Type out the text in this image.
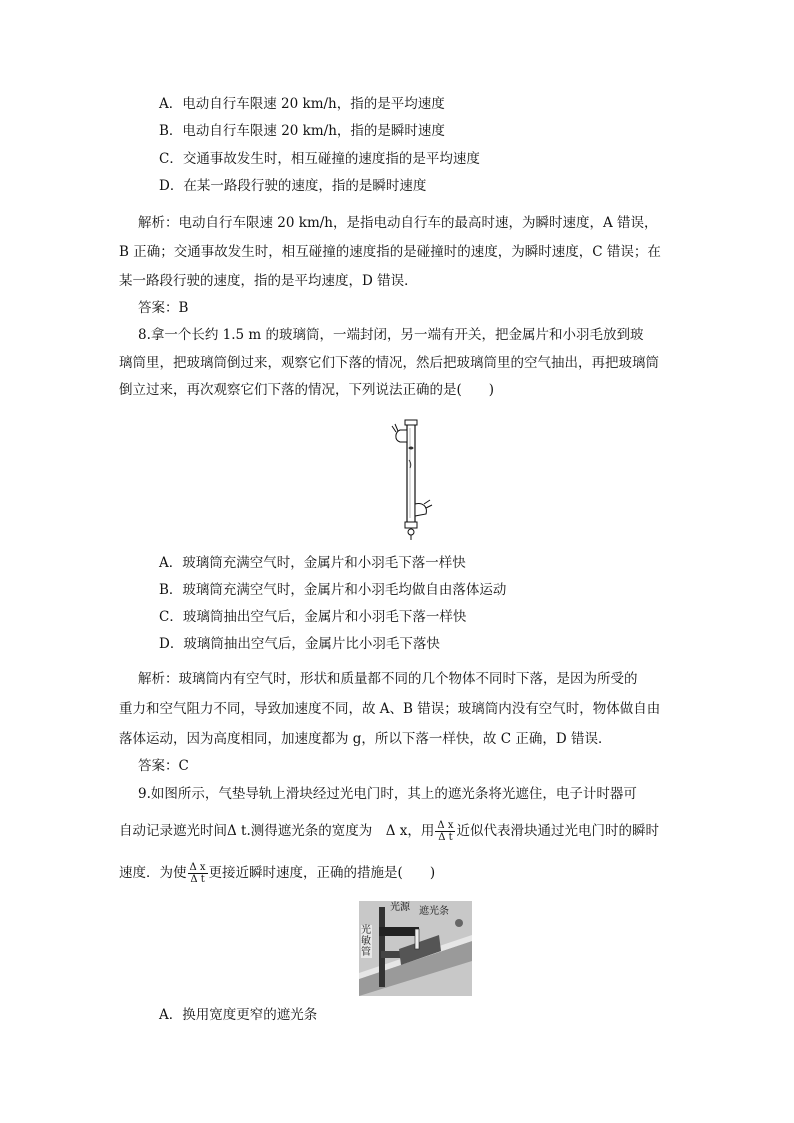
A．电动自行车限速 20 km/h，指的是平均速度
B．电动自行车限速 20 km/h，指的是瞬时速度
C．交通事故发生时，相互碰撞的速度指的是平均速度
D．在某一路段行驶的速度，指的是瞬时速度
解析：电动自行车限速 20 km/h，是指电动自行车的最高时速，为瞬时速度，A 错误，
B 正确；交通事故发生时，相互碰撞的速度指的是碰撞时的速度，为瞬时速度，C 错误；在
某一路段行驶的速度，指的是平均速度，D 错误．
答案：B
8.拿一个长约 1.5 m 的玻璃筒，一端封闭，另一端有开关，把金属片和小羽毛放到玻
璃筒里，把玻璃筒倒过来，观察它们下落的情况，然后把玻璃筒里的空气抽出，再把玻璃筒
倒立过来，再次观察它们下落的情况，下列说法正确的是(　　)
A．玻璃筒充满空气时，金属片和小羽毛下落一样快
B．玻璃筒充满空气时，金属片和小羽毛均做自由落体运动
C．玻璃筒抽出空气后，金属片和小羽毛下落一样快
D．玻璃筒抽出空气后，金属片比小羽毛下落快
解析：玻璃筒内有空气时，形状和质量都不同的几个物体不同时下落，是因为所受的
重力和空气阻力不同，导致加速度不同，故 A、B 错误；玻璃筒内没有空气时，物体做自由
落体运动，因为高度相同，加速度都为 g，所以下落一样快，故 C 正确，D 错误．
答案：C
9.如图所示，气垫导轨上滑块经过光电门时，其上的遮光条将光遮住，电子计时器可
自动记录遮光时间Δ t.测得遮光条的宽度为　Δ x，用 $\frac{\text{Δ x}}{\text{Δ t}}$ 近似代表滑块通过光电门时的瞬时
速度．为使 $\frac{\text{Δ x}}{\text{Δ t}}$ 更接近瞬时速度，正确的措施是(　　)
光源 遮光条
光敏管
A．换用宽度更窄的遮光条
